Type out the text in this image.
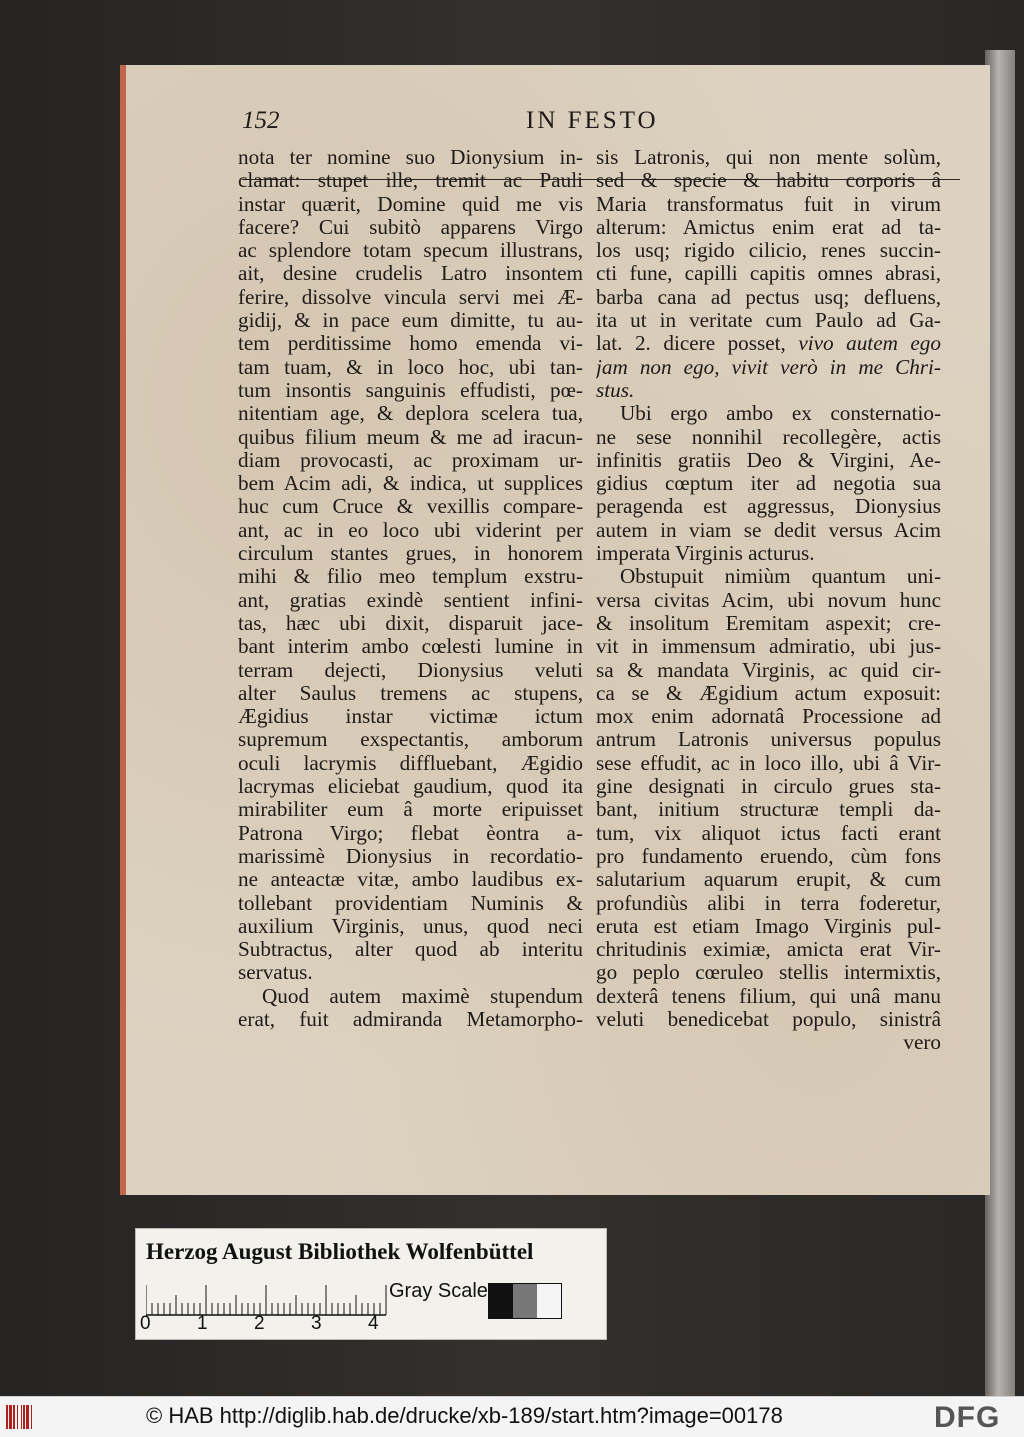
152	IN FESTO
nota ter nomine suo Dionysium in-
clamat: stupet ille, tremit ac Pauli
instar quærit, Domine quid me vis
facere? Cui subitò apparens Virgo
ac splendore totam specum illustrans,
ait, desine crudelis Latro insontem
ferire, dissolve vincula servi mei Æ-
gidij, & in pace eum dimitte, tu au-
tem perditissime homo emenda vi-
tam tuam, & in loco hoc, ubi tan-
tum insontis sanguinis effudisti, pœ-
nitentiam age, & deplora scelera tua,
quibus filium meum & me ad iracun-
diam provocasti, ac proximam ur-
bem Acim adi, & indica, ut supplices
huc cum Cruce & vexillis compare-
ant, ac in eo loco ubi viderint per
circulum stantes grues, in honorem
mihi & filio meo templum exstru-
ant, gratias exindè sentient infini-
tas, hæc ubi dixit, disparuit jace-
bant interim ambo cœlesti lumine in
terram dejecti, Dionysius veluti
alter Saulus tremens ac stupens,
Ægidius instar victimæ ictum
supremum exspectantis, amborum
oculi lacrymis diffluebant, Ægidio
lacrymas eliciebat gaudium, quod ita
mirabiliter eum â morte eripuisset
Patrona Virgo; flebat èontra a-
marissimè Dionysius in recordatio-
ne anteactæ vitæ, ambo laudibus ex-
tollebant providentiam Numinis &
auxilium Virginis, unus, quod neci
Subtractus, alter quod ab interitu
servatus.
Quod autem maximè stupendum
erat, fuit admiranda Metamorpho-
sis Latronis, qui non mente solùm,
sed & specie & habitu corporis â
Maria transformatus fuit in virum
alterum: Amictus enim erat ad ta-
los usq; rigido cilicio, renes succin-
cti fune, capilli capitis omnes abrasi,
barba cana ad pectus usq; defluens,
ita ut in veritate cum Paulo ad Ga-
lat. 2. dicere posset, vivo autem ego
jam non ego, vivit verò in me Chri-
stus.
Ubi ergo ambo ex consternatio-
ne sese nonnihil recollegère, actis
infinitis gratiis Deo & Virgini, Ae-
gidius cœptum iter ad negotia sua
peragenda est aggressus, Dionysius
autem in viam se dedit versus Acim
imperata Virginis acturus.
Obstupuit nimiùm quantum uni-
versa civitas Acim, ubi novum hunc
& insolitum Eremitam aspexit; cre-
vit in immensum admiratio, ubi jus-
sa & mandata Virginis, ac quid cir-
ca se & Ægidium actum exposuit:
mox enim adornatâ Processione ad
antrum Latronis universus populus
sese effudit, ac in loco illo, ubi â Vir-
gine designati in circulo grues sta-
bant, initium structuræ templi da-
tum, vix aliquot ictus facti erant
pro fundamento eruendo, cùm fons
salutarium aquarum erupit, & cum
profundiùs alibi in terra foderetur,
eruta est etiam Imago Virginis pul-
chritudinis eximiæ, amicta erat Vir-
go peplo cœruleo stellis intermixtis,
dexterâ tenens filium, qui unâ manu
veluti benedicebat populo, sinistrâ
vero
Herzog August Bibliothek Wolfenbüttel
0 1 2 3 4
Gray Scale
© HAB http://diglib.hab.de/drucke/xb-189/start.htm?image=00178	DFG
